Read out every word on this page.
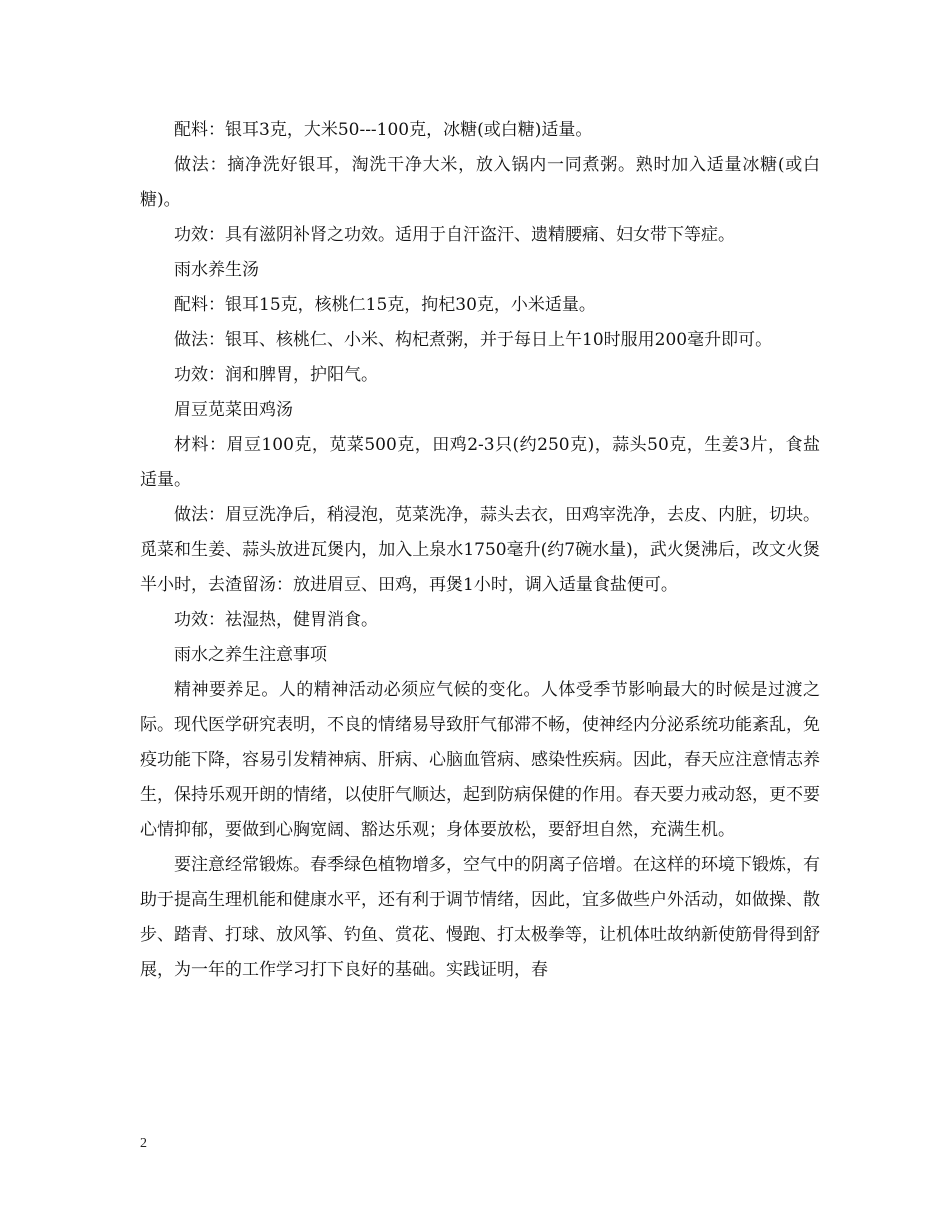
配料：银耳3克，大米50---100克，冰糖(或白糖)适量。

做法：摘净洗好银耳，淘洗干净大米，放入锅内一同煮粥。熟时加入适量冰糖(或白糖)。

功效：具有滋阴补肾之功效。适用于自汗盗汗、遗精腰痛、妇女带下等症。

雨水养生汤

配料：银耳15克，核桃仁15克，拘杞30克，小米适量。

做法：银耳、核桃仁、小米、构杞煮粥，并于每日上午10时服用200毫升即可。

功效：润和脾胃，护阳气。

眉豆苋菜田鸡汤

材料：眉豆100克，苋菜500克，田鸡2-3只(约250克)，蒜头50克，生姜3片，食盐适量。

做法：眉豆洗净后，稍浸泡，苋菜洗净，蒜头去衣，田鸡宰洗净，去皮、内脏，切块。觅菜和生姜、蒜头放进瓦煲内，加入上泉水1750毫升(约7碗水量)，武火煲沸后，改文火煲半小时，去渣留汤：放进眉豆、田鸡，再煲1小时，调入适量食盐便可。

功效：祛湿热，健胃消食。

雨水之养生注意事项

精神要养足。人的精神活动必须应气候的变化。人体受季节影响最大的时候是过渡之际。现代医学研究表明，不良的情绪易导致肝气郁滞不畅，使神经内分泌系统功能紊乱，免疫功能下降，容易引发精神病、肝病、心脑血管病、感染性疾病。因此，春天应注意情志养生，保持乐观开朗的情绪，以使肝气顺达，起到防病保健的作用。春天要力戒动怒，更不要心情抑郁，要做到心胸宽阔、豁达乐观；身体要放松，要舒坦自然，充满生机。

要注意经常锻炼。春季绿色植物增多，空气中的阴离子倍增。在这样的环境下锻炼，有助于提高生理机能和健康水平，还有利于调节情绪，因此，宜多做些户外活动，如做操、散步、踏青、打球、放风筝、钓鱼、赏花、慢跑、打太极拳等，让机体吐故纳新使筋骨得到舒展，为一年的工作学习打下良好的基础。实践证明，春

2
